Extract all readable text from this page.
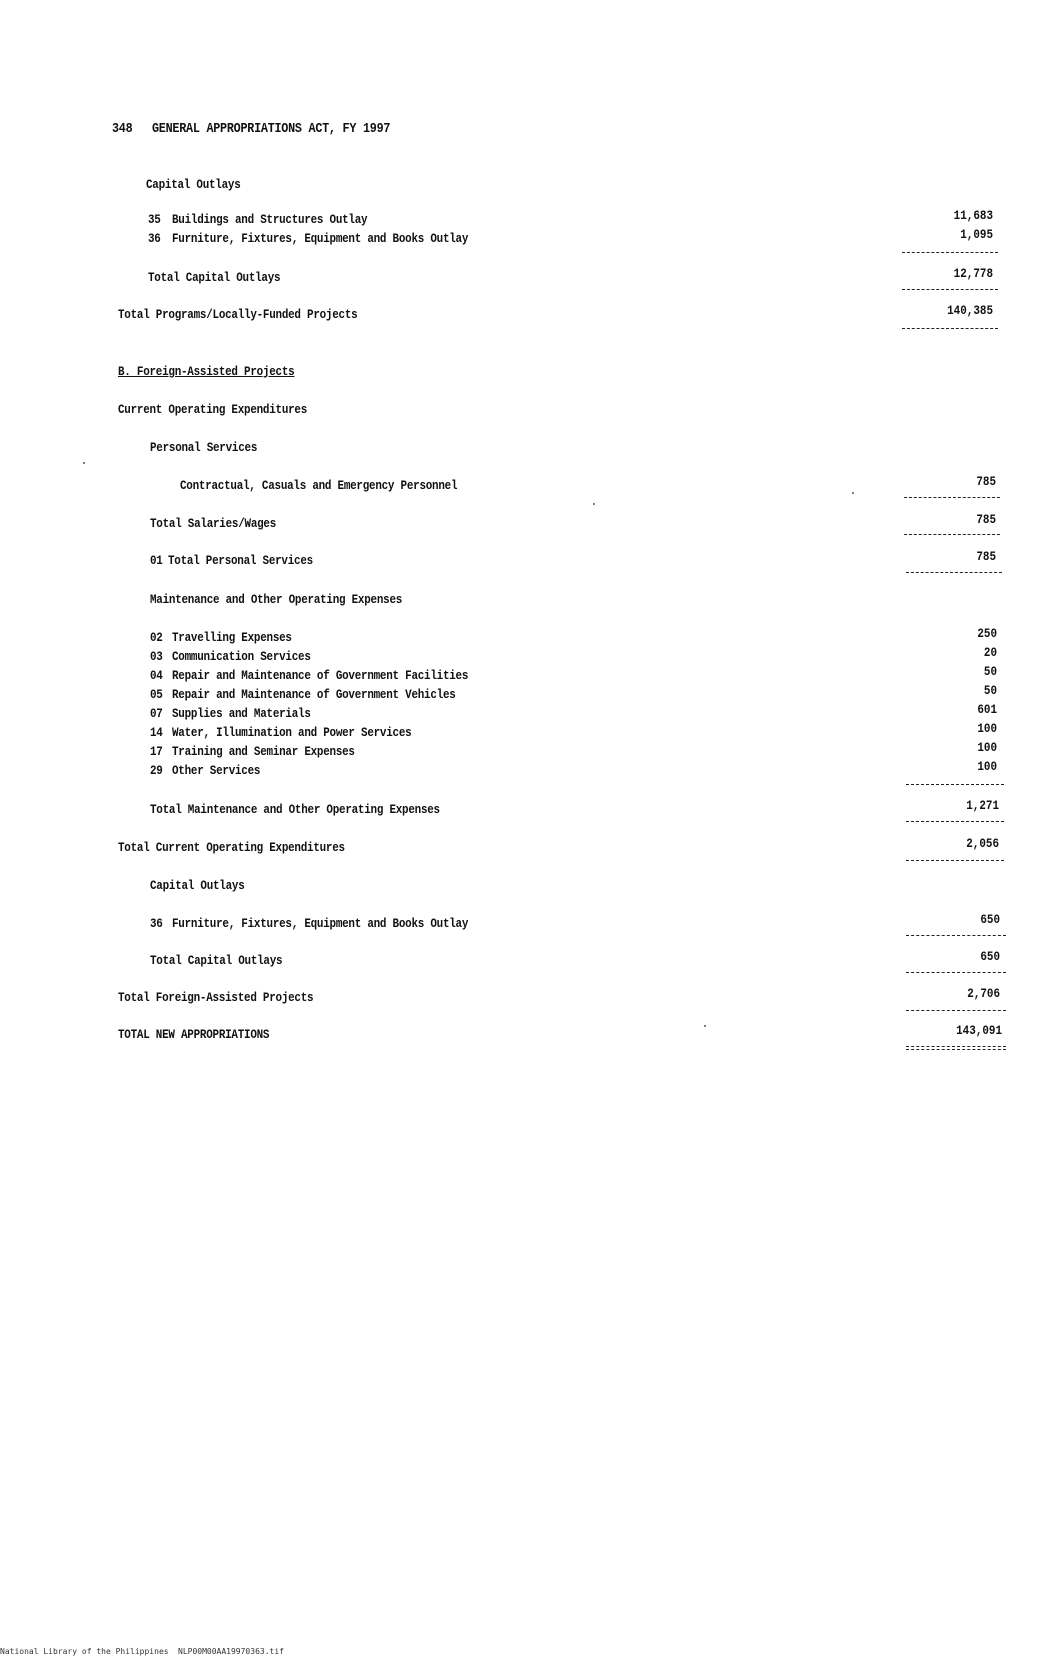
348 GENERAL APPROPRIATIONS ACT, FY 1997
Capital Outlays
35 Buildings and Structures Outlay	11,683
36 Furniture, Fixtures, Equipment and Books Outlay	1,095
Total Capital Outlays	12,778
Total Programs/Locally-Funded Projects	140,385
B. Foreign-Assisted Projects
Current Operating Expenditures
Personal Services
Contractual, Casuals and Emergency Personnel	785
Total Salaries/Wages	785
01 Total Personal Services	785
Maintenance and Other Operating Expenses
02 Travelling Expenses	250
03 Communication Services	20
04 Repair and Maintenance of Government Facilities	50
05 Repair and Maintenance of Government Vehicles	50
07 Supplies and Materials	601
14 Water, Illumination and Power Services	100
17 Training and Seminar Expenses	100
29 Other Services	100
Total Maintenance and Other Operating Expenses	1,271
Total Current Operating Expenditures	2,056
Capital Outlays
36 Furniture, Fixtures, Equipment and Books Outlay	650
Total Capital Outlays	650
Total Foreign-Assisted Projects	2,706
TOTAL NEW APPROPRIATIONS	143,091
National Library of the Philippines NLP00M00AA19970363.tif
